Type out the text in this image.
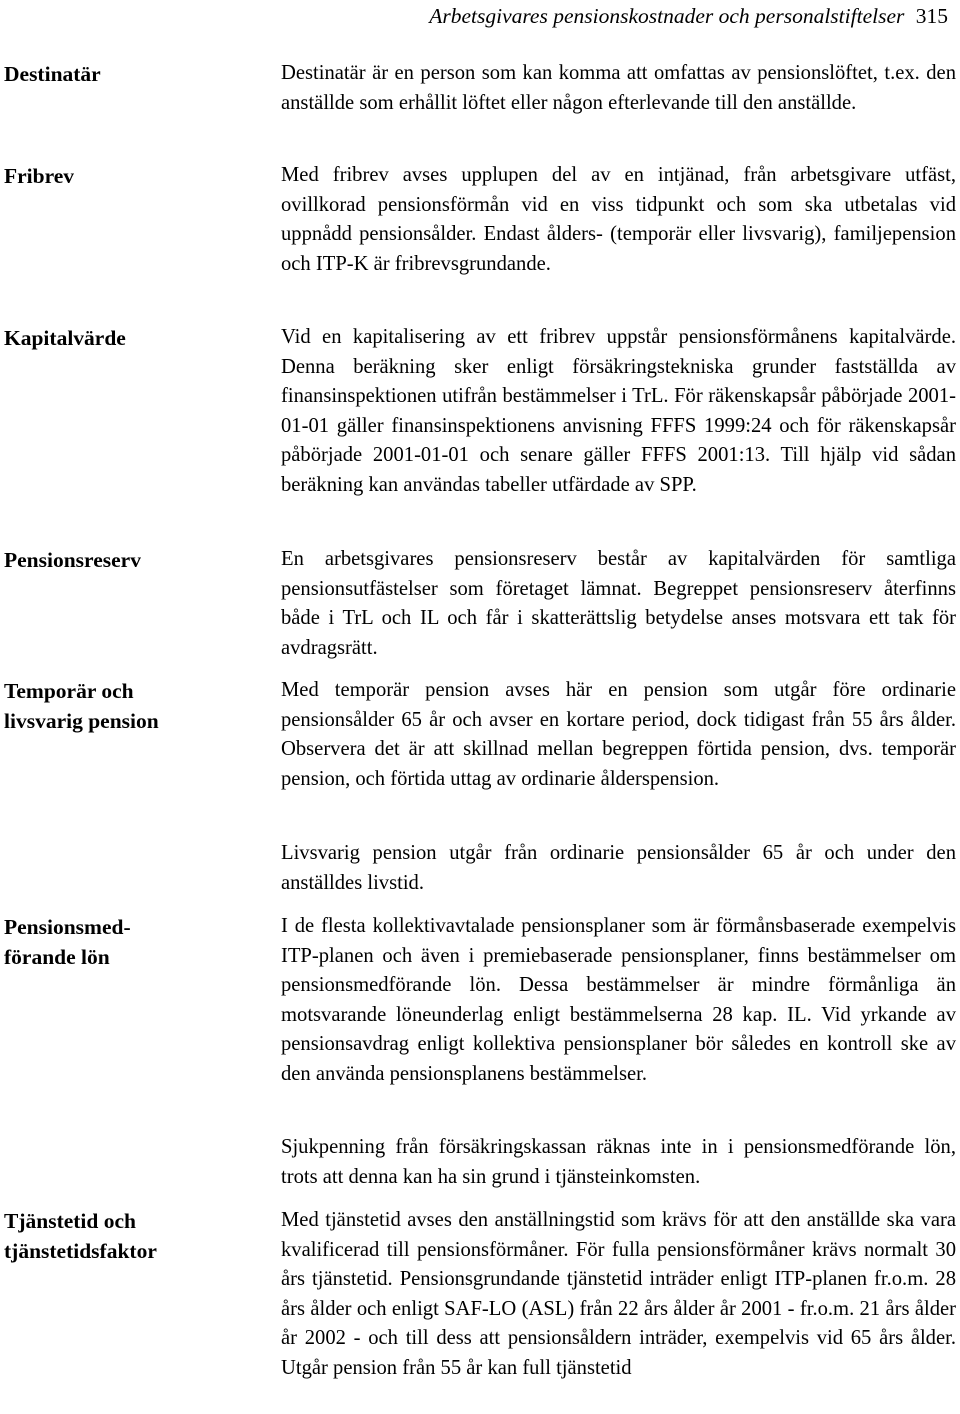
Arbetsgivares pensionskostnader och personalstiftelser 315
Destinatär
Fribrev
Kapitalvärde
Pensionsreserv
Temporär och livsvarig pension
Pensionsmed-förande lön
Tjänstetid och tjänstetidsfaktor
Destinatär är en person som kan komma att omfattas av pensionslöftet, t.ex. den anställde som erhållit löftet eller någon efterlevande till den anställde.
Med fribrev avses upplupen del av en intjänad, från arbetsgivare utfäst, ovillkorad pensionsförmån vid en viss tidpunkt och som ska utbetalas vid uppnådd pensionsålder. Endast ålders- (temporär eller livsvarig), familjepension och ITP-K är fribrevsgrundande.
Vid en kapitalisering av ett fribrev uppstår pensionsförmånens kapitalvärde. Denna beräkning sker enligt försäkringstekniska grunder fastställda av finansinspektionen utifrån bestämmelser i TrL. För räkenskapsår påbörjade 2001-01-01 gäller finansinspektionens anvisning FFFS 1999:24 och för räkenskapsår påbörjade 2001-01-01 och senare gäller FFFS 2001:13. Till hjälp vid sådan beräkning kan användas tabeller utfärdade av SPP.
En arbetsgivares pensionsreserv består av kapitalvärden för samtliga pensionsutfästelser som företaget lämnat. Begreppet pensionsreserv återfinns både i TrL och IL och får i skatterättslig betydelse anses motsvara ett tak för avdragsrätt.
Med temporär pension avses här en pension som utgår före ordinarie pensionsålder 65 år och avser en kortare period, dock tidigast från 55 års ålder. Observera det är att skillnad mellan begreppen förtida pension, dvs. temporär pension, och förtida uttag av ordinarie ålderspension.
Livsvarig pension utgår från ordinarie pensionsålder 65 år och under den anställdes livstid.
I de flesta kollektivavtalade pensionsplaner som är förmånsbaserade exempelvis ITP-planen och även i premiebaserade pensionsplaner, finns bestämmelser om pensionsmedförande lön. Dessa bestämmelser är mindre förmånliga än motsvarande löneunderlag enligt bestämmelserna 28 kap. IL. Vid yrkande av pensionsavdrag enligt kollektiva pensionsplaner bör således en kontroll ske av den använda pensionsplanens bestämmelser.
Sjukpenning från försäkringskassan räknas inte in i pensionsmedförande lön, trots att denna kan ha sin grund i tjänsteinkomsten.
Med tjänstetid avses den anställningstid som krävs för att den anställde ska vara kvalificerad till pensionsförmåner. För fulla pensionsförmåner krävs normalt 30 års tjänstetid. Pensionsgrundande tjänstetid inträder enligt ITP-planen fr.o.m. 28 års ålder och enligt SAF-LO (ASL) från 22 års ålder år 2001 - fr.o.m. 21 års ålder år 2002 - och till dess att pensionsåldern inträder, exempelvis vid 65 års ålder. Utgår pension från 55 år kan full tjänstetid
